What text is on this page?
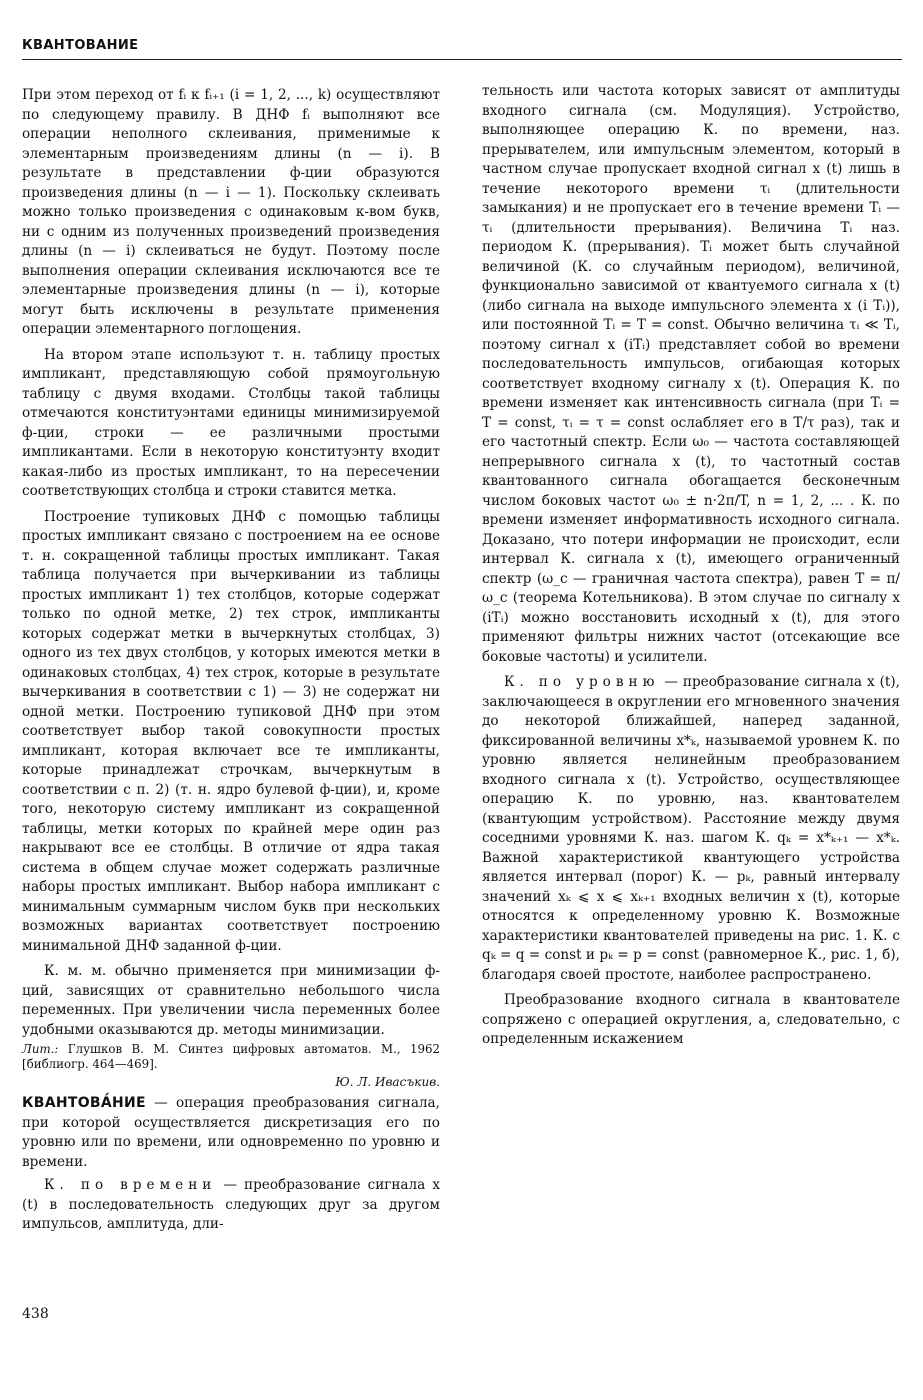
КВАНТОВАНИЕ

При этом переход от fᵢ к fᵢ₊₁ (i = 1, 2, ..., k) осуществляют по следующему правилу. В ДНФ fᵢ выполняют все операции неполного склеивания, применимые к элементарным произведениям длины (n — i). В результате в представлении ф-ции образуются произведения длины (n — i — 1). Поскольку склеивать можно только произведения с одинаковым к-вом букв, ни с одним из полученных произведений произведения длины (n — i) склеиваться не будут. Поэтому после выполнения операции склеивания исключаются все те элементарные произведения длины (n — i), которые могут быть исключены в результате применения операции элементарного поглощения.

На втором этапе используют т. н. таблицу простых импликант, представляющую собой прямоугольную таблицу с двумя входами. Столбцы такой таблицы отмечаются конституэнтами единицы минимизируемой ф-ции, строки — ее различными простыми импликантами. Если в некоторую конституэнту входит какая-либо из простых импликант, то на пересечении соответствующих столбца и строки ставится метка.

Построение тупиковых ДНФ с помощью таблицы простых импликант связано с построением на ее основе т. н. сокращенной таблицы простых импликант. Такая таблица получается при вычеркивании из таблицы простых импликант 1) тех столбцов, которые содержат только по одной метке, 2) тех строк, импликанты которых содержат метки в вычеркнутых столбцах, 3) одного из тех двух столбцов, у которых имеются метки в одинаковых столбцах, 4) тех строк, которые в результате вычеркивания в соответствии с 1) — 3) не содержат ни одной метки. Построению тупиковой ДНФ при этом соответствует выбор такой совокупности простых импликант, которая включает все те импликанты, которые принадлежат строчкам, вычеркнутым в соответствии с п. 2) (т. н. ядро булевой ф-ции), и, кроме того, некоторую систему импликант из сокращенной таблицы, метки которых по крайней мере один раз накрывают все ее столбцы. В отличие от ядра такая система в общем случае может содержать различные наборы простых импликант. Выбор набора импликант с минимальным суммарным числом букв при нескольких возможных вариантах соответствует построению минимальной ДНФ заданной ф-ции.

К. м. м. обычно применяется при минимизации ф-ций, зависящих от сравнительно небольшого числа переменных. При увеличении числа переменных более удобными оказываются др. методы минимизации.

Лит.: Глушков В. М. Синтез цифровых автоматов. М., 1962 [библиогр. 464—469].

Ю. Л. Ивасъкив.

КВАНТОВА́НИЕ — операция преобразования сигнала, при которой осуществляется дискретизация его по уровню или по времени, или одновременно по уровню и времени.

К. по времени — преобразование сигнала x (t) в последовательность следующих друг за другом импульсов, амплитуда, дли-

тельность или частота которых зависят от амплитуды входного сигнала (см. Модуляция). Устройство, выполняющее операцию К. по времени, наз. прерывателем, или импульсным элементом, который в частном случае пропускает входной сигнал x (t) лишь в течение некоторого времени τᵢ (длительности замыкания) и не пропускает его в течение времени Tᵢ — τᵢ (длительности прерывания). Величина Tᵢ наз. периодом К. (прерывания). Tᵢ может быть случайной величиной (К. со случайным периодом), величиной, функционально зависимой от квантуемого сигнала x (t) (либо сигнала на выходе импульсного элемента x (i Tᵢ)), или постоянной Tᵢ = T = const. Обычно величина τᵢ ≪ Tᵢ, поэтому сигнал x (iTᵢ) представляет собой во времени последовательность импульсов, огибающая которых соответствует входному сигналу x (t). Операция К. по времени изменяет как интенсивность сигнала (при Tᵢ = T = const, τᵢ = τ = const ослабляет его в T/τ раз), так и его частотный спектр. Если ω₀ — частота составляющей непрерывного сигнала x (t), то частотный состав квантованного сигнала обогащается бесконечным числом боковых частот ω₀ ± n·2π/T, n = 1, 2, ... . К. по времени изменяет информативность исходного сигнала. Доказано, что потери информации не происходит, если интервал К. сигнала x (t), имеющего ограниченный спектр (ω_c — граничная частота спектра), равен T = π/ω_c (теорема Котельникова). В этом случае по сигналу x (iTᵢ) можно восстановить исходный x (t), для этого применяют фильтры нижних частот (отсекающие все боковые частоты) и усилители.

К. по уровню — преобразование сигнала x (t), заключающееся в округлении его мгновенного значения до некоторой ближайшей, наперед заданной, фиксированной величины x*ₖ, называемой уровнем К. по уровню является нелинейным преобразованием входного сигнала x (t). Устройство, осуществляющее операцию К. по уровню, наз. квантователем (квантующим устройством). Расстояние между двумя соседними уровнями К. наз. шагом К. qₖ = x*ₖ₊₁ — x*ₖ. Важной характеристикой квантующего устройства является интервал (порог) К. — pₖ, равный интервалу значений xₖ ⩽ x ⩽ xₖ₊₁ входных величин x (t), которые относятся к определенному уровню К. Возможные характеристики квантователей приведены на рис. 1. К. с qₖ = q = const и pₖ = p = const (равномерное К., рис. 1, б), благодаря своей простоте, наиболее распространено.

Преобразование входного сигнала в квантователе сопряжено с операцией округления, а, следовательно, с определенным искажением

438
